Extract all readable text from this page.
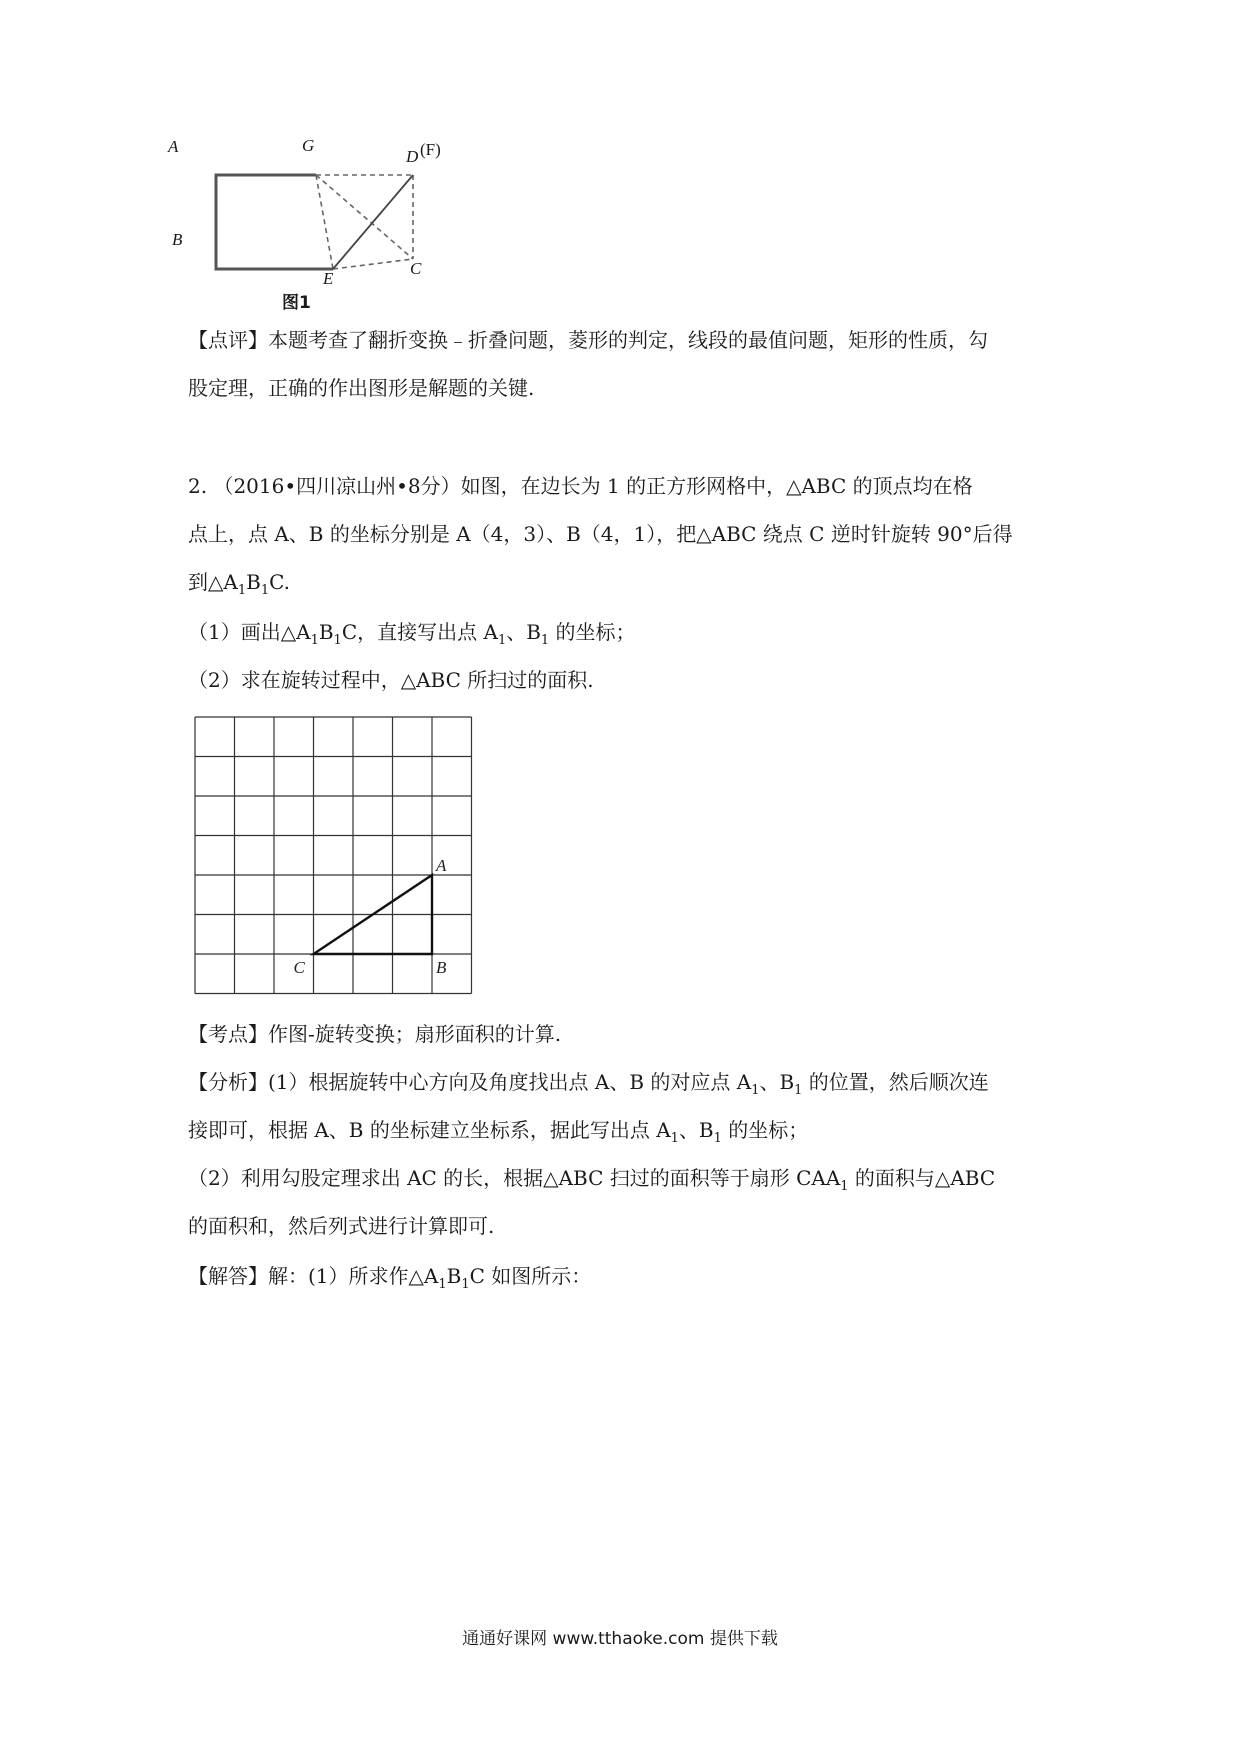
A
B
G
D (F)
E
C
图1
【点评】本题考查了翻折变换﹣折叠问题，菱形的判定，线段的最值问题，矩形的性质，勾
股定理，正确的作出图形是解题的关键.
2. （2016•四川凉山州•8分）如图，在边长为 1 的正方形网格中，△ABC 的顶点均在格
点上，点 A、B 的坐标分别是 A（4，3）、B（4，1），把△ABC 绕点 C 逆时针旋转 90°后得
到$\triangle A_1B_1C$.
（1）画出$\triangle A_1B_1C$，直接写出点 $A_1$、$B_1$ 的坐标；
（2）求在旋转过程中，△ABC 所扫过的面积.
A
B
C
【考点】作图-旋转变换；扇形面积的计算.
【分析】(1）根据旋转中心方向及角度找出点 A、B 的对应点 $A_1$、$B_1$ 的位置，然后顺次连
接即可，根据 A、B 的坐标建立坐标系，据此写出点 $A_1$、$B_1$ 的坐标；
（2）利用勾股定理求出 AC 的长，根据△ABC 扫过的面积等于扇形 $CAA_1$ 的面积与△ABC
的面积和，然后列式进行计算即可.
【解答】解：(1）所求作$\triangle A_1B_1C$ 如图所示：
通通好课网 www.tthaoke.com 提供下载
